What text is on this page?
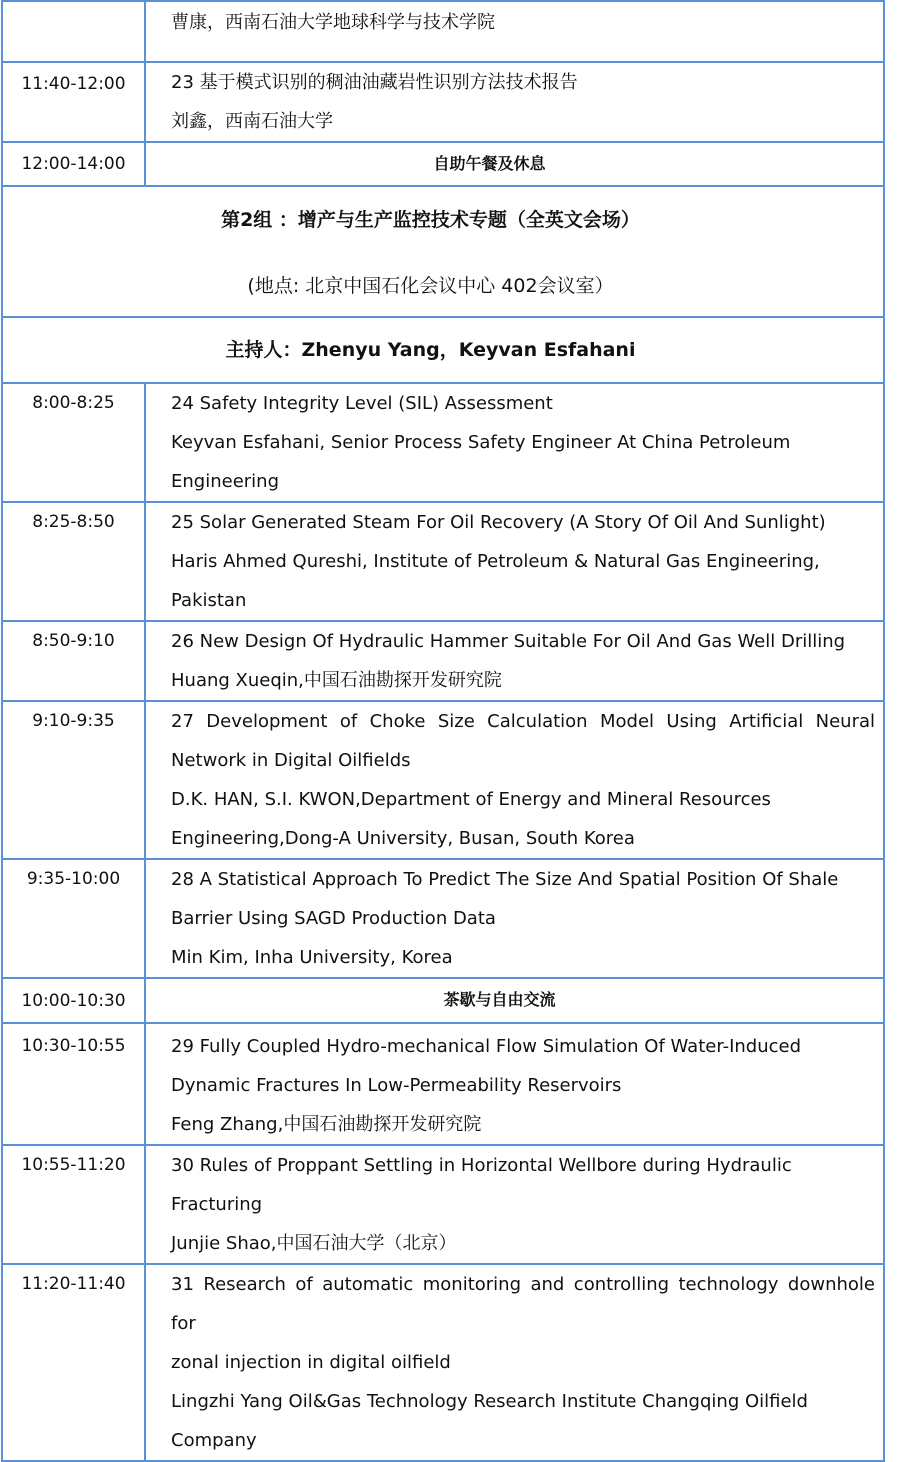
	曹康，西南石油大学地球科学与技术学院

11:40-12:00	23 基于模式识别的稠油油藏岩性识别方法技术报告
刘鑫，西南石油大学

12:00-14:00	自助午餐及休息

第2组 ：增产与生产监控技术专题（全英文会场）
(地点: 北京中国石化会议中心 402会议室）	

主持人：Zhenyu Yang，Keyvan Esfahani	
8:00-8:25	24 Safety Integrity Level (SIL) Assessment
Keyvan Esfahani, Senior Process Safety Engineer At China Petroleum
Engineering

8:25-8:50	25 Solar Generated Steam For Oil Recovery (A Story Of Oil And Sunlight)
Haris Ahmed Qureshi, Institute of Petroleum & Natural Gas Engineering,
Pakistan

8:50-9:10	26 New Design Of Hydraulic Hammer Suitable For Oil And Gas Well Drilling
Huang Xueqin,中国石油勘探开发研究院

9:10-9:35	27 Development of Choke Size Calculation Model Using Artificial Neural
Network in Digital Oilfields
D.K. HAN, S.I. KWON,Department of Energy and Mineral Resources
Engineering,Dong-A University, Busan, South Korea

9:35-10:00	28 A Statistical Approach To Predict The Size And Spatial Position Of Shale
Barrier Using SAGD Production Data
Min Kim, Inha University, Korea

10:00-10:30	茶歇与自由交流
10:30-10:55	29 Fully Coupled Hydro-mechanical Flow Simulation Of Water-Induced
Dynamic Fractures In Low-Permeability Reservoirs
Feng Zhang,中国石油勘探开发研究院

10:55-11:20	30 Rules of Proppant Settling in Horizontal Wellbore during Hydraulic
Fracturing
Junjie Shao,中国石油大学（北京）

11:20-11:40	31 Research of automatic monitoring and controlling technology downhole for
zonal injection in digital oilfield
Lingzhi Yang Oil&Gas Technology Research Institute Changqing Oilfield
Company
